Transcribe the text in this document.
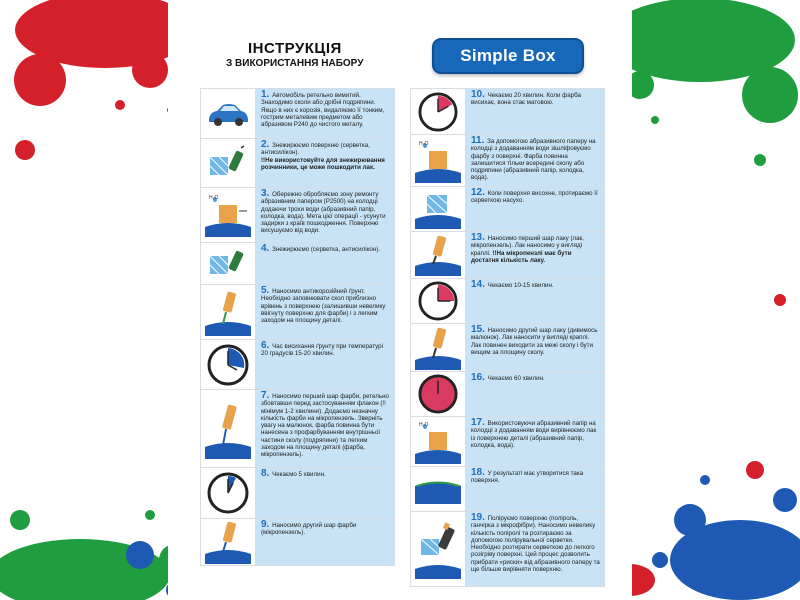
ІНСТРУКЦІЯ
З ВИКОРИСТАННЯ НАБОРУ	Simple Box
1. Автомобіль ретельно вимитий. Знаходимо сколи або дрібні подряпини. Якщо в них є корозія, видаляємо її тонким, гострим металевим предметом або абразивом P240 до чистого металу.
2. Знежирюємо поверхню (серветка, антисилікон).
!!Не використовуйте для знежирювання розчинники, це може пошкодити лак.
H₂O	3. Обережно обробляємо зону ремонту абразивним папером (P2500) на колодці додаючи трохи води (абразивний папір, колодка, вода). Мета цієї операції - усунути задирки з країв пошкодження. Поверхню висушуємо від води.
4. Знежирюємо (серветка, антисилікон).
5. Наносимо антикорозійний ґрунт. Необхідно заповнювати скол приблизно врівень з поверхнею (залишивши невелику ввігнуту поверхню для фарби) і з легким заходом на площину деталі.
6. Час висихання ґрунту при температурі 20 градусів 15-20 хвилин.
7. Наносимо перший шар фарби, ретельно збовтавши перед застосуванням флакон (!!мінімум 1-2 хвилини). Додаємо незначну кількість фарби на мікропензель. Зверніть увагу на малюнок, фарба повинна бути нанесена з профарбуванням внутрішньої частини сколу (подряпини) та легким заходом на площину деталі (фарба, мікропензель).
8. Чекаємо 5 хвилин.
9. Наносимо другий шар фарби (мікропензель).
10. Чекаємо 20 хвилин. Коли фарба висихає, вона стає матовою.
H₂O	11. За допомогою абразивного паперу на колодці з додаванням води зішліфовуємо фарбу з поверхні. Фарба повинна залишитися тільки всередині сколу або подряпини (абразивний папір, колодка, вода).
12. Коли поверхня висохне, протираємо її серветкою насухо.
13. Наносимо перший шар лаку (лак, мікропензель). Лак наносимо у вигляді краплі. !!На мікропензлі має бути достатня кількість лаку.
14. Чекаємо 10-15 хвилин.
15. Наносимо другий шар лаку (дивимось малюнок). Лак наносити у вигляді краплі. Лак повинен виходити за межі сколу і бути вищим за площину сколу.
16. Чекаємо 60 хвилин.
H₂O	17. Використовуючи абразивний папір на колодці з додаванням води вирівнюємо лак із поверхнею деталі (абразивний папір, колодка, вода).
18. У результаті має утворитися така поверхня.
19. Поліруємо поверхню (поліроль, ганчірка з мікрофібри). Наносимо невелику кількість поліролі та розтираємо за допомогою полірувальної серветки. Необхідно розтирати серветкою до легкого розігріву поверхні. Цей процес дозволить прибрати «риски» від абразивного паперу та ще більше вирівняти поверхню.
